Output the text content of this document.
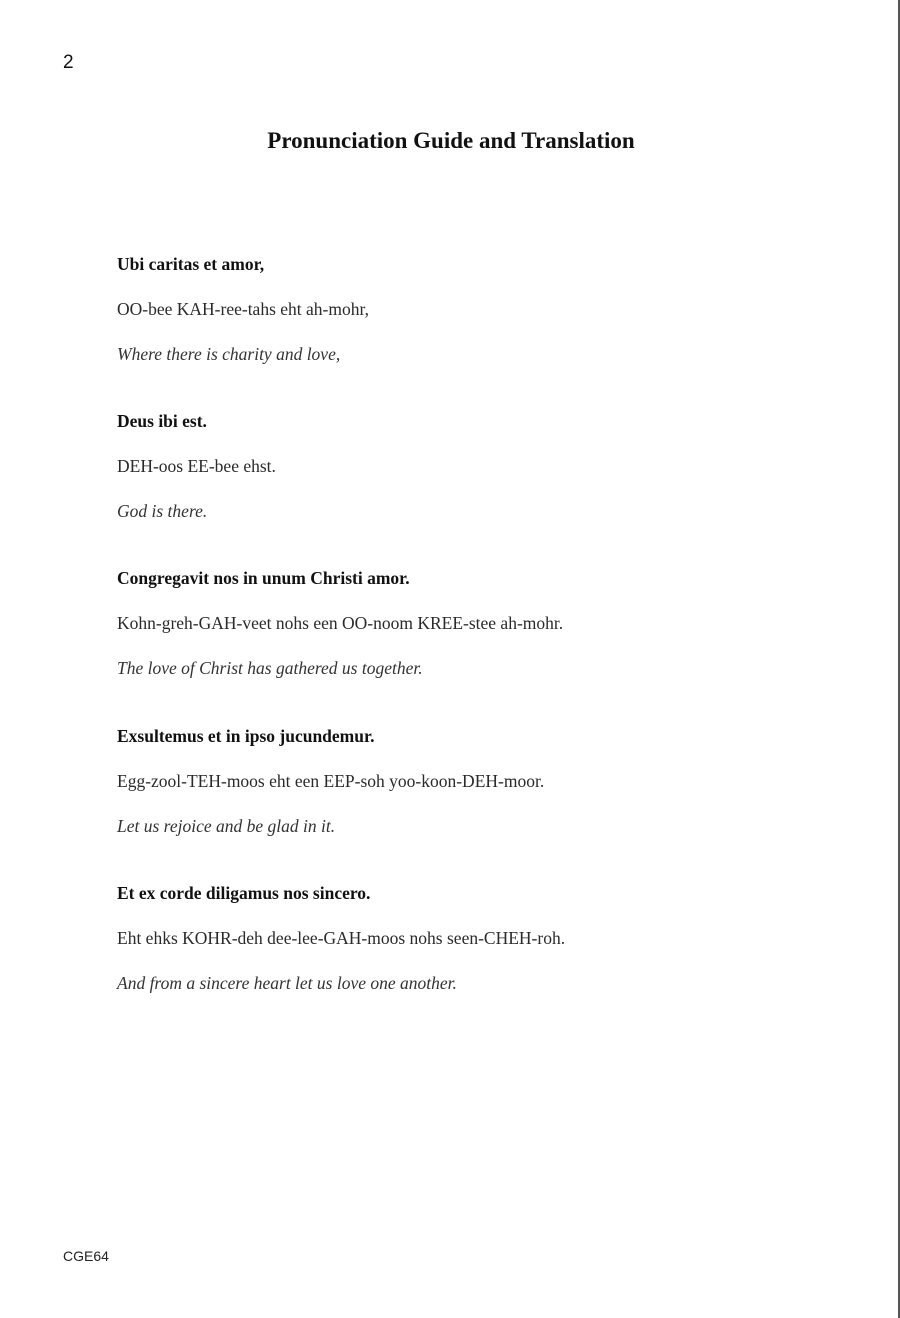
2
Pronunciation Guide and Translation
Ubi caritas et amor,
OO-bee KAH-ree-tahs eht ah-mohr,
Where there is charity and love,
Deus ibi est.
DEH-oos EE-bee ehst.
God is there.
Congregavit nos in unum Christi amor.
Kohn-greh-GAH-veet nohs een OO-noom KREE-stee ah-mohr.
The love of Christ has gathered us together.
Exsultemus et in ipso jucundemur.
Egg-zool-TEH-moos eht een EEP-soh yoo-koon-DEH-moor.
Let us rejoice and be glad in it.
Et ex corde diligamus nos sincero.
Eht ehks KOHR-deh dee-lee-GAH-moos nohs seen-CHEH-roh.
And from a sincere heart let us love one another.
CGE64
